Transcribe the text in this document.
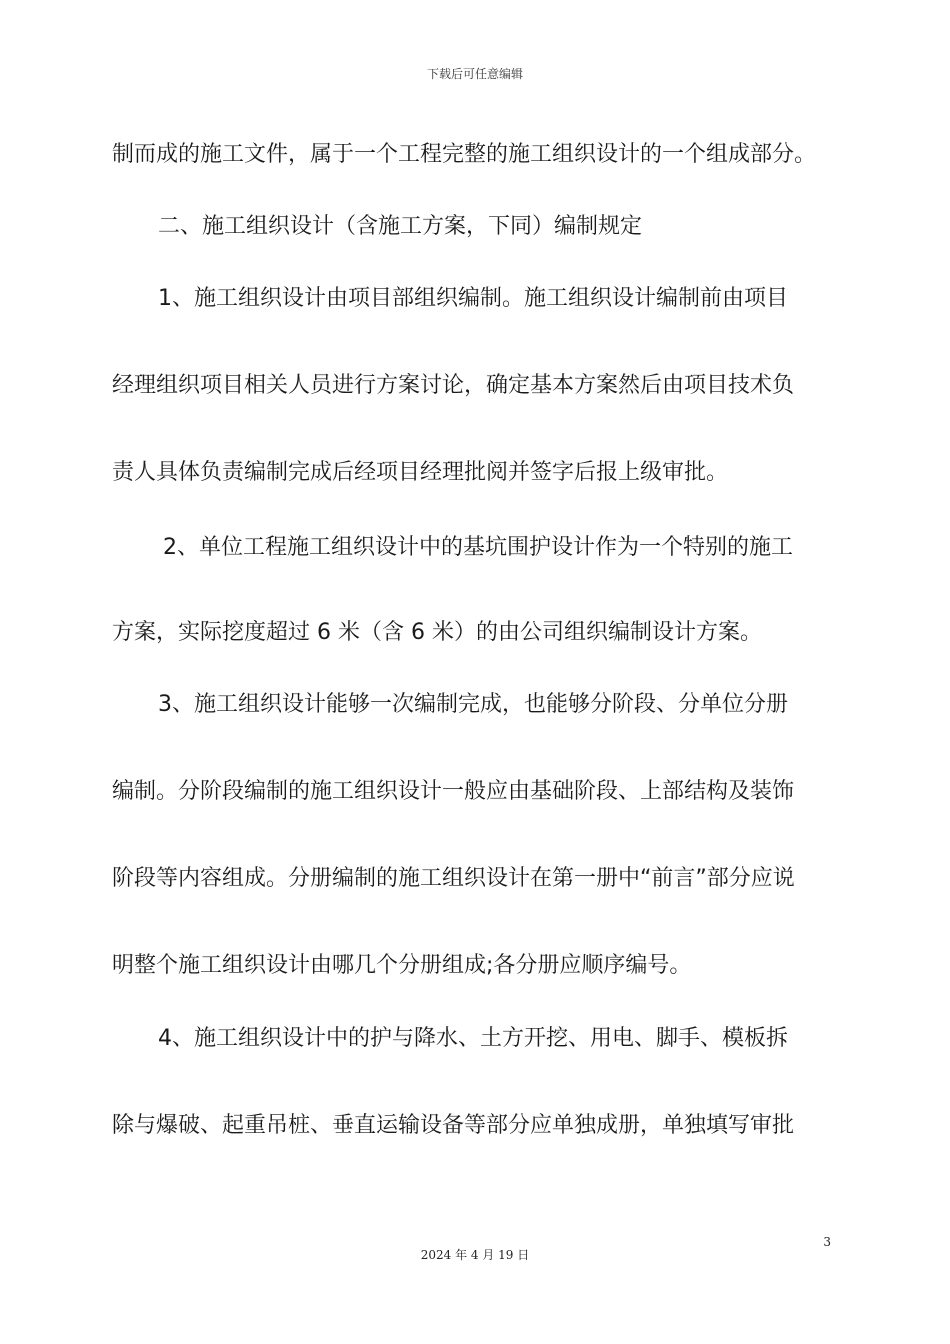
下载后可任意编辑
制而成的施工文件，属于一个工程完整的施工组织设计的一个组成部分。
二、施工组织设计（含施工方案，下同）编制规定
1、施工组织设计由项目部组织编制。施工组织设计编制前由项目
经理组织项目相关人员进行方案讨论，确定基本方案然后由项目技术负
责人具体负责编制完成后经项目经理批阅并签字后报上级审批。
2、单位工程施工组织设计中的基坑围护设计作为一个特别的施工
方案，实际挖度超过 6 米（含 6 米）的由公司组织编制设计方案。
3、施工组织设计能够一次编制完成，也能够分阶段、分单位分册
编制。分阶段编制的施工组织设计一般应由基础阶段、上部结构及装饰
阶段等内容组成。分册编制的施工组织设计在第一册中“前言”部分应说
明整个施工组织设计由哪几个分册组成;各分册应顺序编号。
4、施工组织设计中的护与降水、土方开挖、用电、脚手、模板拆
除与爆破、起重吊桩、垂直运输设备等部分应单独成册，单独填写审批
3
2024 年 4 月 19 日
